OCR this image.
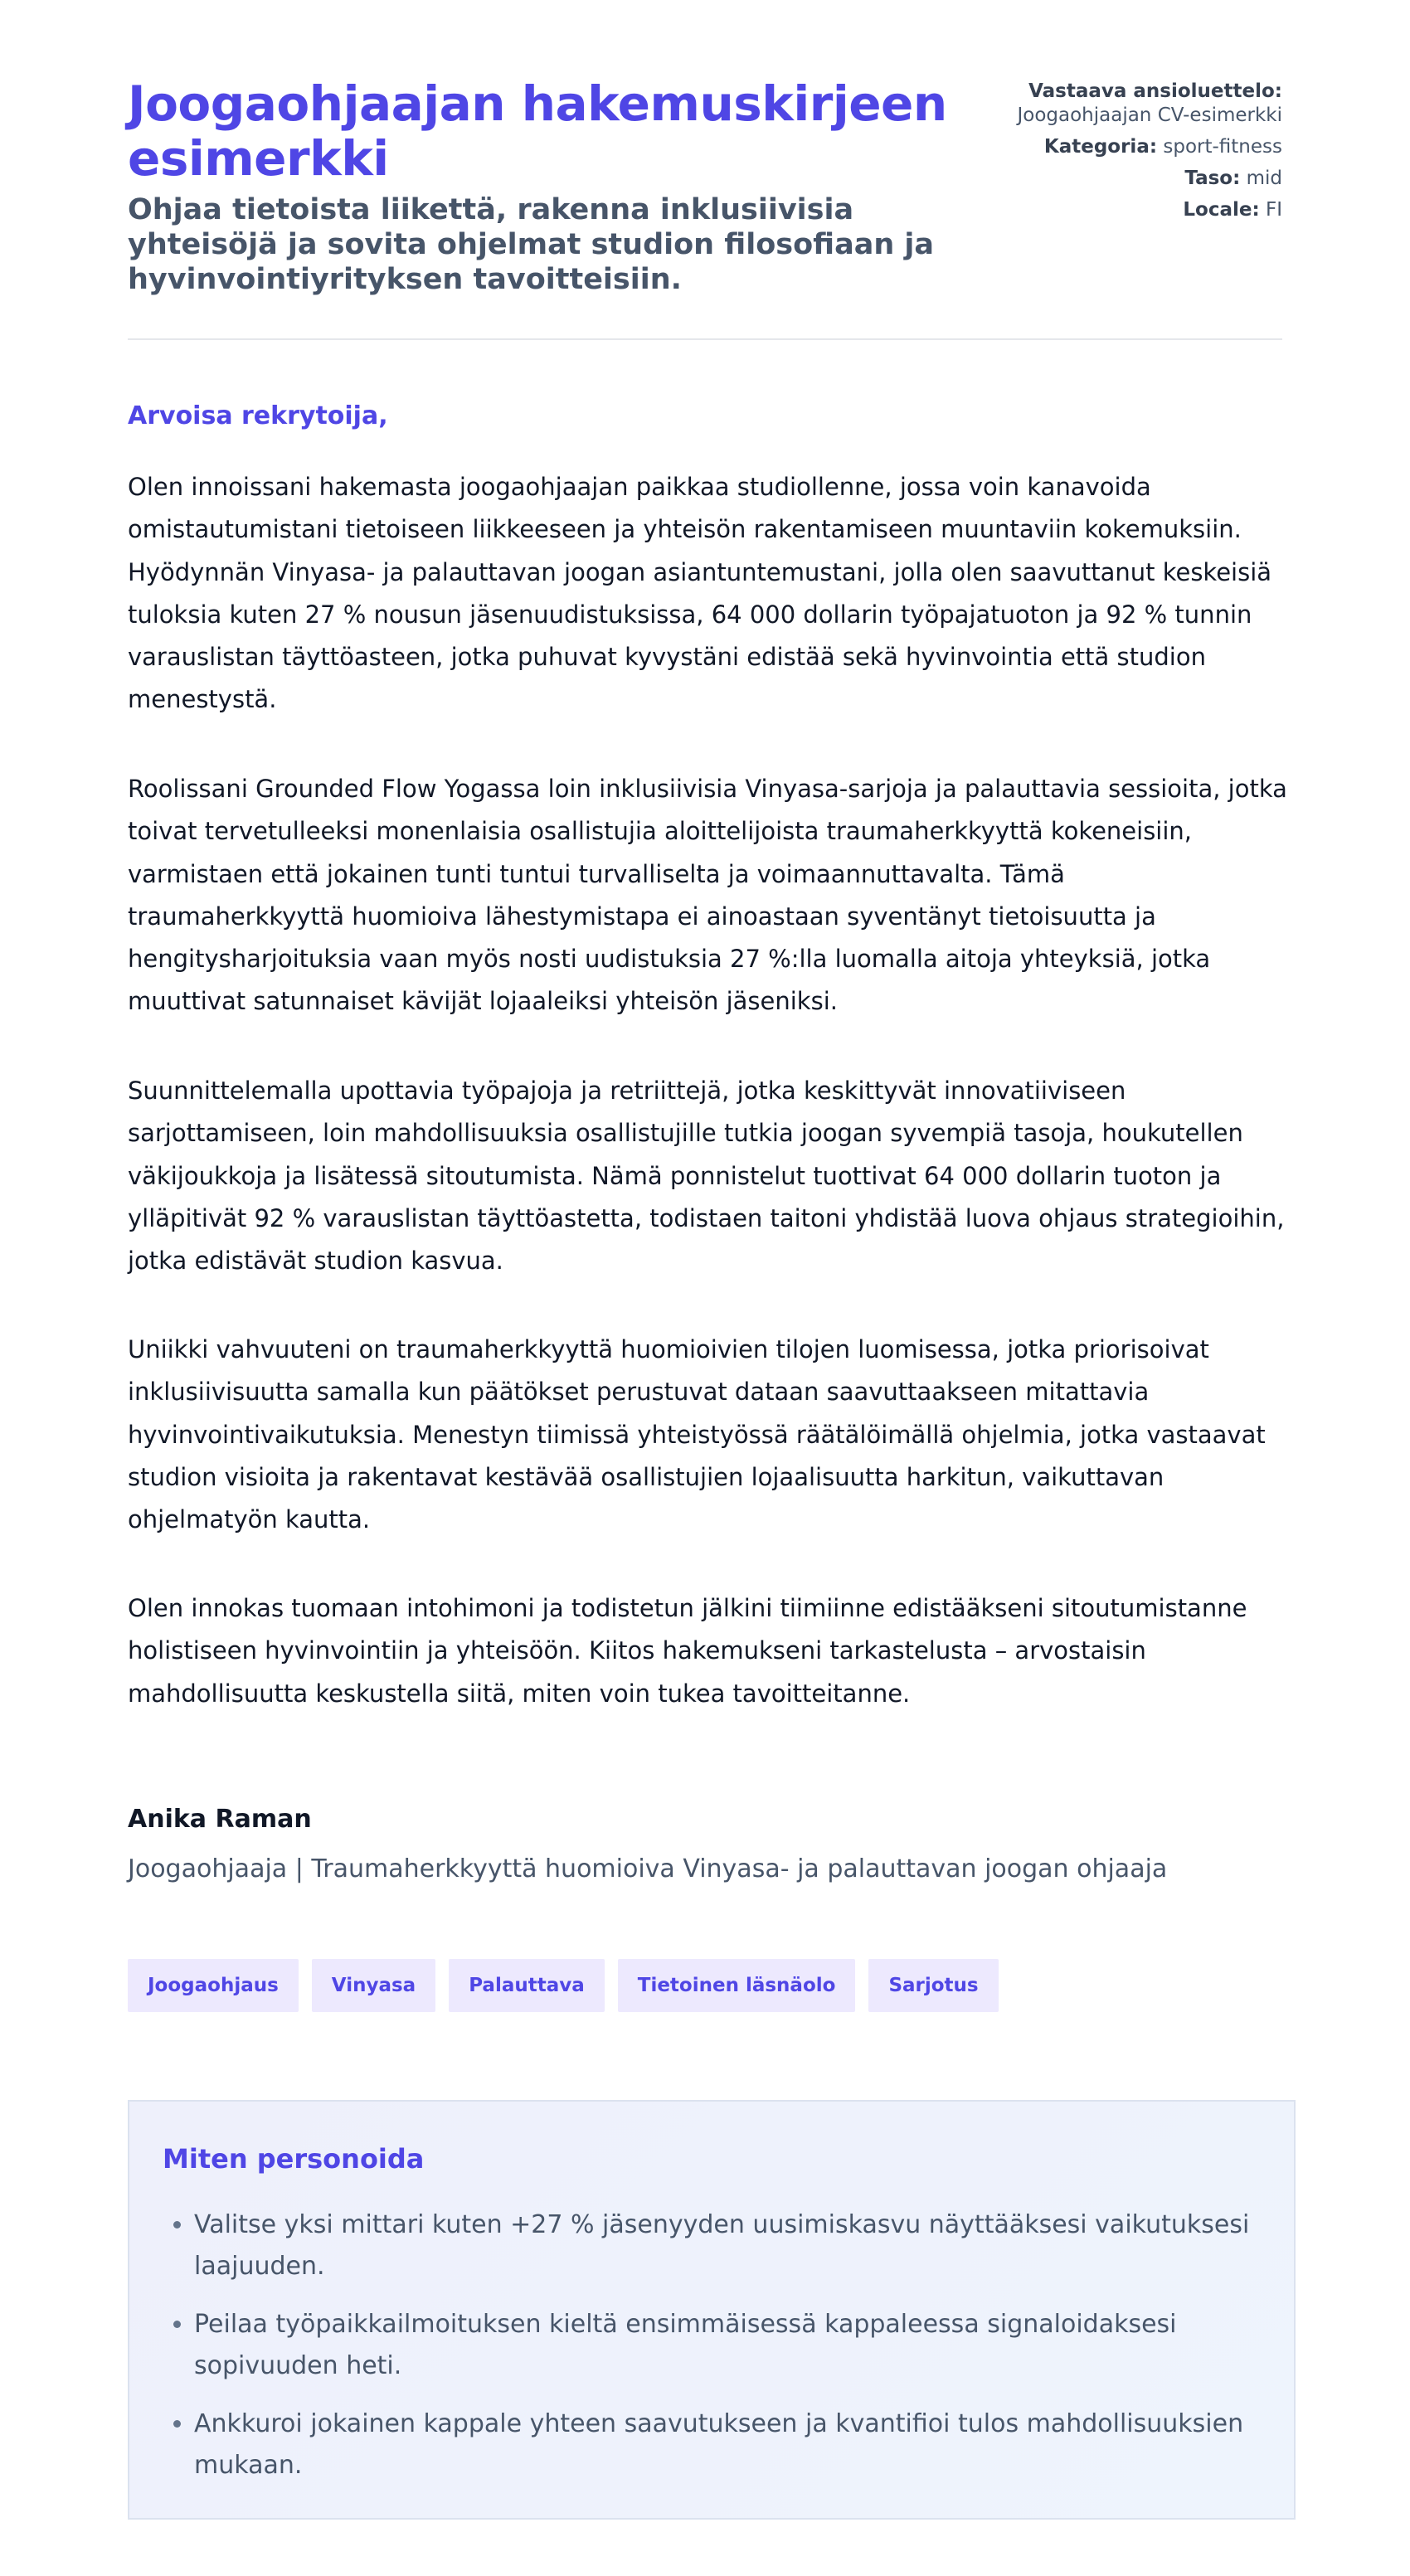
Joogaohjaajan hakemuskirjeen esimerkki

Ohjaa tietoista liikettä, rakenna inklusiivisia yhteisöjä ja sovita ohjelmat studion filosofiaan ja hyvinvointiyrityksen tavoitteisiin.

Vastaava ansioluettelo:
Joogaohjaajan CV-esimerkki
Kategoria: sport-fitness
Taso: mid
Locale: FI

Arvoisa rekrytoija,

Olen innoissani hakemasta joogaohjaajan paikkaa studiollenne, jossa voin kanavoida omistautumistani tietoiseen liikkeeseen ja yhteisön rakentamiseen muuntaviin kokemuksiin. Hyödynnän Vinyasa- ja palauttavan joogan asiantuntemustani, jolla olen saavuttanut keskeisiä tuloksia kuten 27 % nousun jäsenuudistuksissa, 64 000 dollarin työpajatuoton ja 92 % tunnin varauslistan täyttöasteen, jotka puhuvat kyvystäni edistää sekä hyvinvointia että studion menestystä.

Roolissani Grounded Flow Yogassa loin inklusiivisia Vinyasa-sarjoja ja palauttavia sessioita, jotka toivat tervetulleeksi monenlaisia osallistujia aloittelijoista traumaherkkyyttä kokeneisiin, varmistaen että jokainen tunti tuntui turvalliselta ja voimaannuttavalta. Tämä traumaherkkyyttä huomioiva lähestymistapa ei ainoastaan syventänyt tietoisuutta ja hengitysharjoituksia vaan myös nosti uudistuksia 27 %:lla luomalla aitoja yhteyksiä, jotka muuttivat satunnaiset kävijät lojaaleiksi yhteisön jäseniksi.

Suunnittelemalla upottavia työpajoja ja retriittejä, jotka keskittyvät innovatiiviseen sarjottamiseen, loin mahdollisuuksia osallistujille tutkia joogan syvempiä tasoja, houkutellen väkijoukkoja ja lisätessä sitoutumista. Nämä ponnistelut tuottivat 64 000 dollarin tuoton ja ylläpitivät 92 % varauslistan täyttöastetta, todistaen taitoni yhdistää luova ohjaus strategioihin, jotka edistävät studion kasvua.

Uniikki vahvuuteni on traumaherkkyyttä huomioivien tilojen luomisessa, jotka priorisoivat inklusiivisuutta samalla kun päätökset perustuvat dataan saavuttaakseen mitattavia hyvinvointivaikutuksia. Menestyn tiimissä yhteistyössä räätälöimällä ohjelmia, jotka vastaavat studion visioita ja rakentavat kestävää osallistujien lojaalisuutta harkitun, vaikuttavan ohjelmatyön kautta.

Olen innokas tuomaan intohimoni ja todistetun jälkini tiimiinne edistääkseni sitoutumistanne holistiseen hyvinvointiin ja yhteisöön. Kiitos hakemukseni tarkastelusta – arvostaisin mahdollisuutta keskustella siitä, miten voin tukea tavoitteitanne.

Anika Raman

Joogaohjaaja | Traumaherkkyyttä huomioiva Vinyasa- ja palauttavan joogan ohjaaja

Joogaohjaus	Vinyasa	Palauttava	Tietoinen läsnäolo	Sarjotus
Miten personoida
• Valitse yksi mittari kuten +27 % jäsenyyden uusimiskasvu näyttääksesi vaikutuksesi laajuuden.
• Peilaa työpaikkailmoituksen kieltä ensimmäisessä kappaleessa signaloidaksesi sopivuuden heti.
• Ankkuroi jokainen kappale yhteen saavutukseen ja kvantifioi tulos mahdollisuuksien mukaan.
